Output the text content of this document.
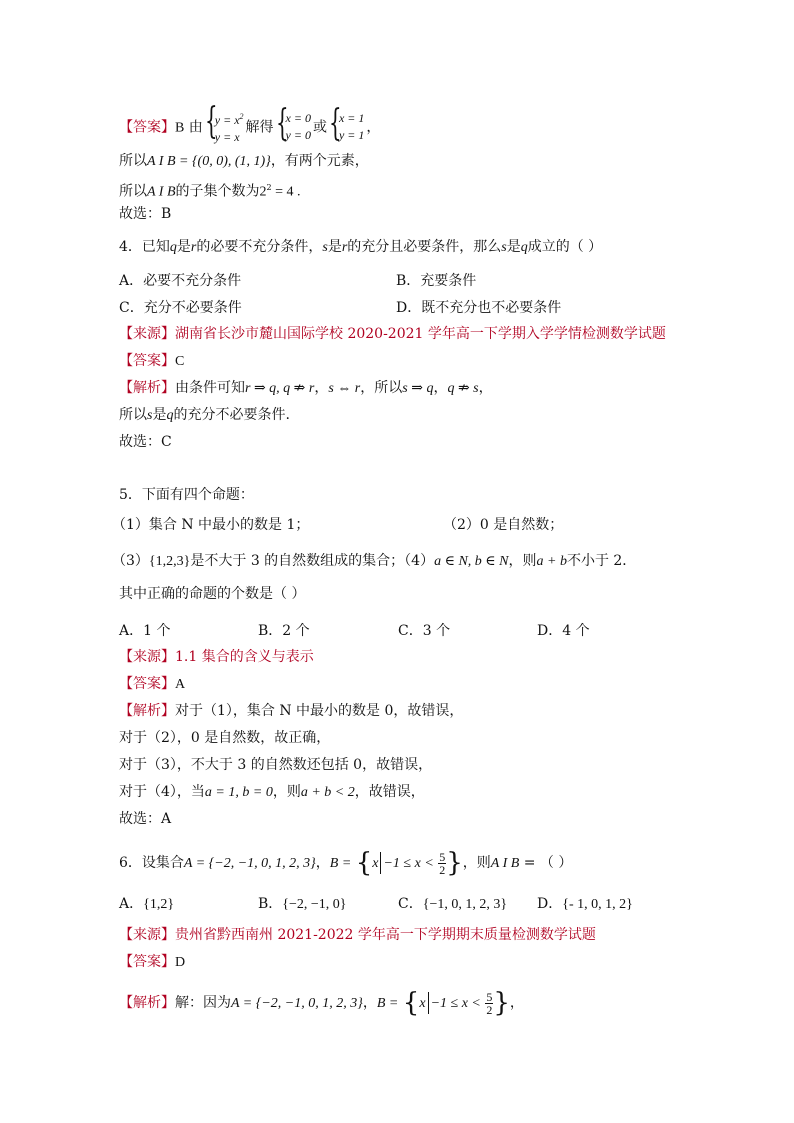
【答案】B 由 {
$y = x^2$
y = x解得 {
x = 0
y = 0 或 {
x = 1
y = 1 ，
所以A I B = {(0, 0), (1, 1)}，有两个元素，
所以A I B的子集个数为$2^2 = 4$ .
故选：B
4．已知q是r的必要不充分条件，s是r的充分且必要条件，那么s是q成立的（ ）
A．必要不充分条件	B．充要条件
C．充分不必要条件	D．既不充分也不必要条件
【来源】湖南省长沙市麓山国际学校 2020-2021 学年高一下学期入学学情检测数学试题
【答案】C
【解析】由条件可知r ⇒ q, q ⇏ r，s ⇔ r，所以s ⇒ q，q ⇏ s，
所以s是q的充分不必要条件.
故选：C
5．下面有四个命题：
（1）集合 N 中最小的数是 1；	（2）0 是自然数；
（3）{1,2,3}是不大于 3 的自然数组成的集合；（4）a ∈ N, b ∈ N，则a + b不小于 2．
其中正确的命题的个数是（ ）
A．1 个	B．2 个	C．3 个	D．4 个
【来源】1.1 集合的含义与表示
【答案】A
【解析】对于（1），集合 N 中最小的数是 0，故错误，
对于（2），0 是自然数，故正确，
对于（3），不大于 3 的自然数还包括 0，故错误，
对于（4），当a = 1, b = 0，则a + b < 2，故错误，
故选：A
6．设集合A = {−2, −1, 0, 1, 2, 3}，$B = \{x -1 \le x < \frac{5}{2}$ }，则A I B = （ ）
A．{1,2}	B．{−2, −1, 0}	C．{−1, 0, 1, 2, 3} D．{- 1, 0, 1, 2}
【来源】贵州省黔西南州 2021-2022 学年高一下学期期末质量检测数学试题
【答案】D
【解析】解：因为A = {−2, −1, 0, 1, 2, 3}，$B = \{x -1 \le x < \frac{5}{2}$ }，
